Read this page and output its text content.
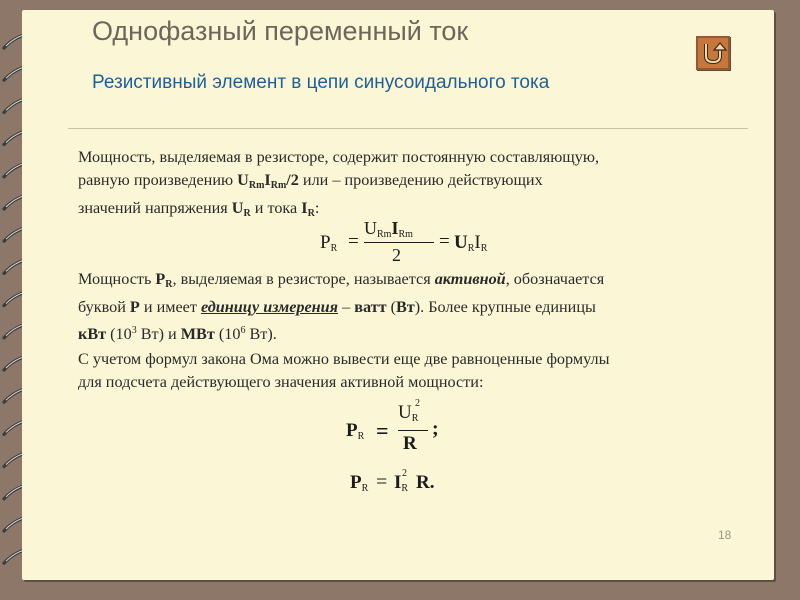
Однофазный переменный ток
Резистивный элемент в цепи синусоидального тока
Мощность, выделяемая в резисторе, содержит постоянную составляющую,
равную произведению $U_{Rm}I_{Rm}/2$ или – произведению действующих
значений напряжения $U_R$ и тока $I_R$:
$P_R$ =
$U_{Rm}I_{Rm}$
2
= $U_RI_R$
Мощность $P_R$, выделяемая в резисторе, называется активной, обозначается
буквой P и имеет единицу измерения – ватт (Вт). Более крупные единицы
кВт ($10^3$ Вт) и МВт ($10^6$ Вт).
С учетом формул закона Ома можно вывести еще две равноценные формулы
для подсчета действующего значения активной мощности:
$P_R$ =
$U_R$
2
R
;
$P_R = I_R$
2 R.
18
